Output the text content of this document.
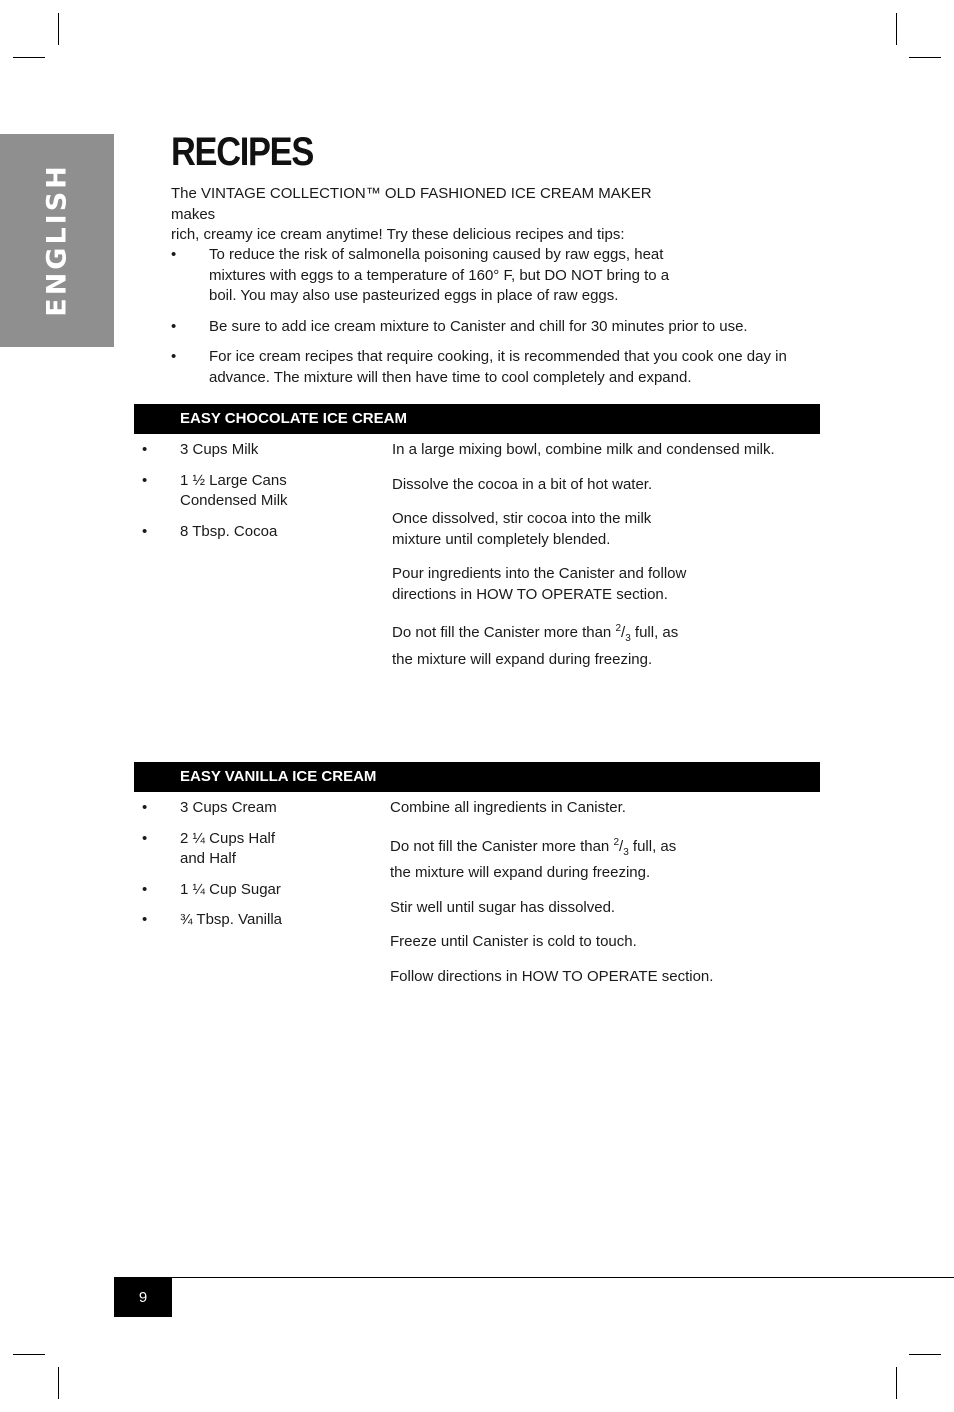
ENGLISH
RECIPES

The VINTAGE COLLECTION™ OLD FASHIONED ICE CREAM MAKER makes
rich, creamy ice cream anytime! Try these delicious recipes and tips:

• To reduce the risk of salmonella poisoning caused by raw eggs, heat mixtures with eggs to a temperature of 160° F, but DO NOT bring to a boil. You may also use pasteurized eggs in place of raw eggs.
• Be sure to add ice cream mixture to Canister and chill for 30 minutes prior to use.
• For ice cream recipes that require cooking, it is recommended that you cook one day in advance. The mixture will then have time to cool completely and expand.
EASY CHOCOLATE ICE CREAM
• 3 Cups Milk
• 1 ½ Large Cans Condensed Milk
• 8 Tbsp. Cocoa
In a large mixing bowl, combine milk and condensed milk.
Dissolve the cocoa in a bit of hot water.
Once dissolved, stir cocoa into the milk mixture until completely blended.
Pour ingredients into the Canister and follow directions in HOW TO OPERATE section.
Do not fill the Canister more than $^2/_3$ full, as the mixture will expand during freezing.
EASY VANILLA ICE CREAM
• 3 Cups Cream
• 2 ¼ Cups Half and Half
• 1 ¼ Cup Sugar
• ¾ Tbsp. Vanilla
Combine all ingredients in Canister.
Do not fill the Canister more than $^2/_3$ full, as the mixture will expand during freezing.
Stir well until sugar has dissolved.
Freeze until Canister is cold to touch.
Follow directions in HOW TO OPERATE section.
9
